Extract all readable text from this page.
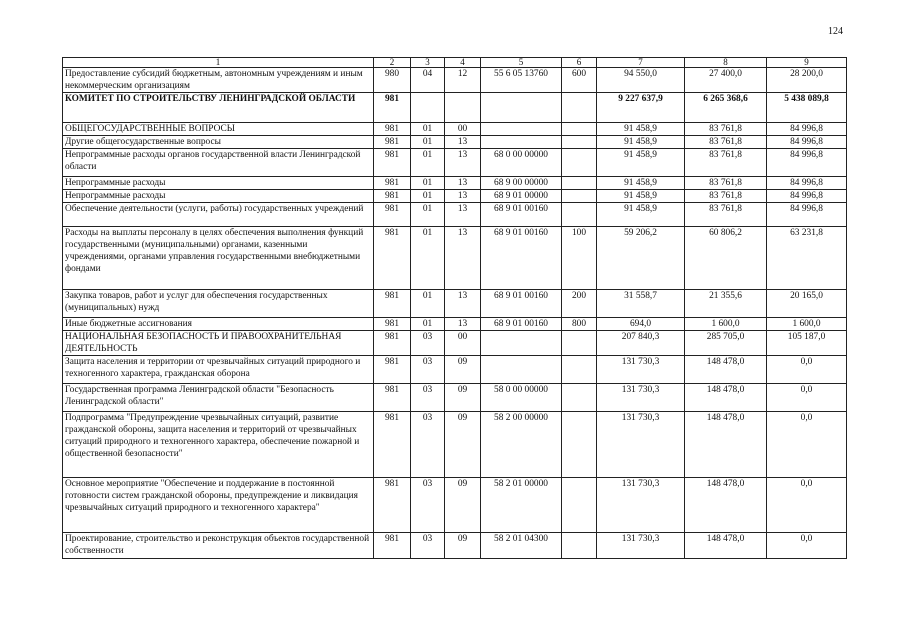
124
1	2	3	4	5	6	7	8	9
Предоставление субсидий бюджетным, автономным учреждениям и иным некоммерческим организациям	980	04	12	55 6 05 13760	600	94 550,0	27 400,0	28 200,0
КОМИТЕТ ПО СТРОИТЕЛЬСТВУ ЛЕНИНГРАДСКОЙ ОБЛАСТИ	981					9 227 637,9	6 265 368,6	5 438 089,8
ОБЩЕГОСУДАРСТВЕННЫЕ ВОПРОСЫ	981	01	00			91 458,9	83 761,8	84 996,8
Другие общегосударственные вопросы	981	01	13			91 458,9	83 761,8	84 996,8
Непрограммные расходы органов государственной власти Ленинградской области	981	01	13	68 0 00 00000		91 458,9	83 761,8	84 996,8
Непрограммные расходы	981	01	13	68 9 00 00000		91 458,9	83 761,8	84 996,8
Непрограммные расходы	981	01	13	68 9 01 00000		91 458,9	83 761,8	84 996,8
Обеспечение деятельности (услуги, работы) государственных учреждений	981	01	13	68 9 01 00160		91 458,9	83 761,8	84 996,8
Расходы на выплаты персоналу в целях обеспечения выполнения функций государственными (муниципальными) органами, казенными учреждениями, органами управления государственными внебюджетными фондами	981	01	13	68 9 01 00160	100	59 206,2	60 806,2	63 231,8
Закупка товаров, работ и услуг для обеспечения государственных (муниципальных) нужд	981	01	13	68 9 01 00160	200	31 558,7	21 355,6	20 165,0
Иные бюджетные ассигнования	981	01	13	68 9 01 00160	800	694,0	1 600,0	1 600,0
НАЦИОНАЛЬНАЯ БЕЗОПАСНОСТЬ И ПРАВООХРАНИТЕЛЬНАЯ ДЕЯТЕЛЬНОСТЬ	981	03	00			207 840,3	285 705,0	105 187,0
Защита населения и территории от чрезвычайных ситуаций природного и техногенного характера, гражданская оборона	981	03	09			131 730,3	148 478,0	0,0
Государственная программа Ленинградской области "Безопасность Ленинградской области"	981	03	09	58 0 00 00000		131 730,3	148 478,0	0,0
Подпрограмма "Предупреждение чрезвычайных ситуаций, развитие гражданской обороны, защита населения и территорий от чрезвычайных ситуаций природного и техногенного характера, обеспечение пожарной и общественной безопасности"	981	03	09	58 2 00 00000		131 730,3	148 478,0	0,0
Основное мероприятие "Обеспечение и поддержание в постоянной готовности систем гражданской обороны, предупреждение и ликвидация чрезвычайных ситуаций природного и техногенного характера"	981	03	09	58 2 01 00000		131 730,3	148 478,0	0,0
Проектирование, строительство и реконструкция объектов государственной собственности	981	03	09	58 2 01 04300		131 730,3	148 478,0	0,0
